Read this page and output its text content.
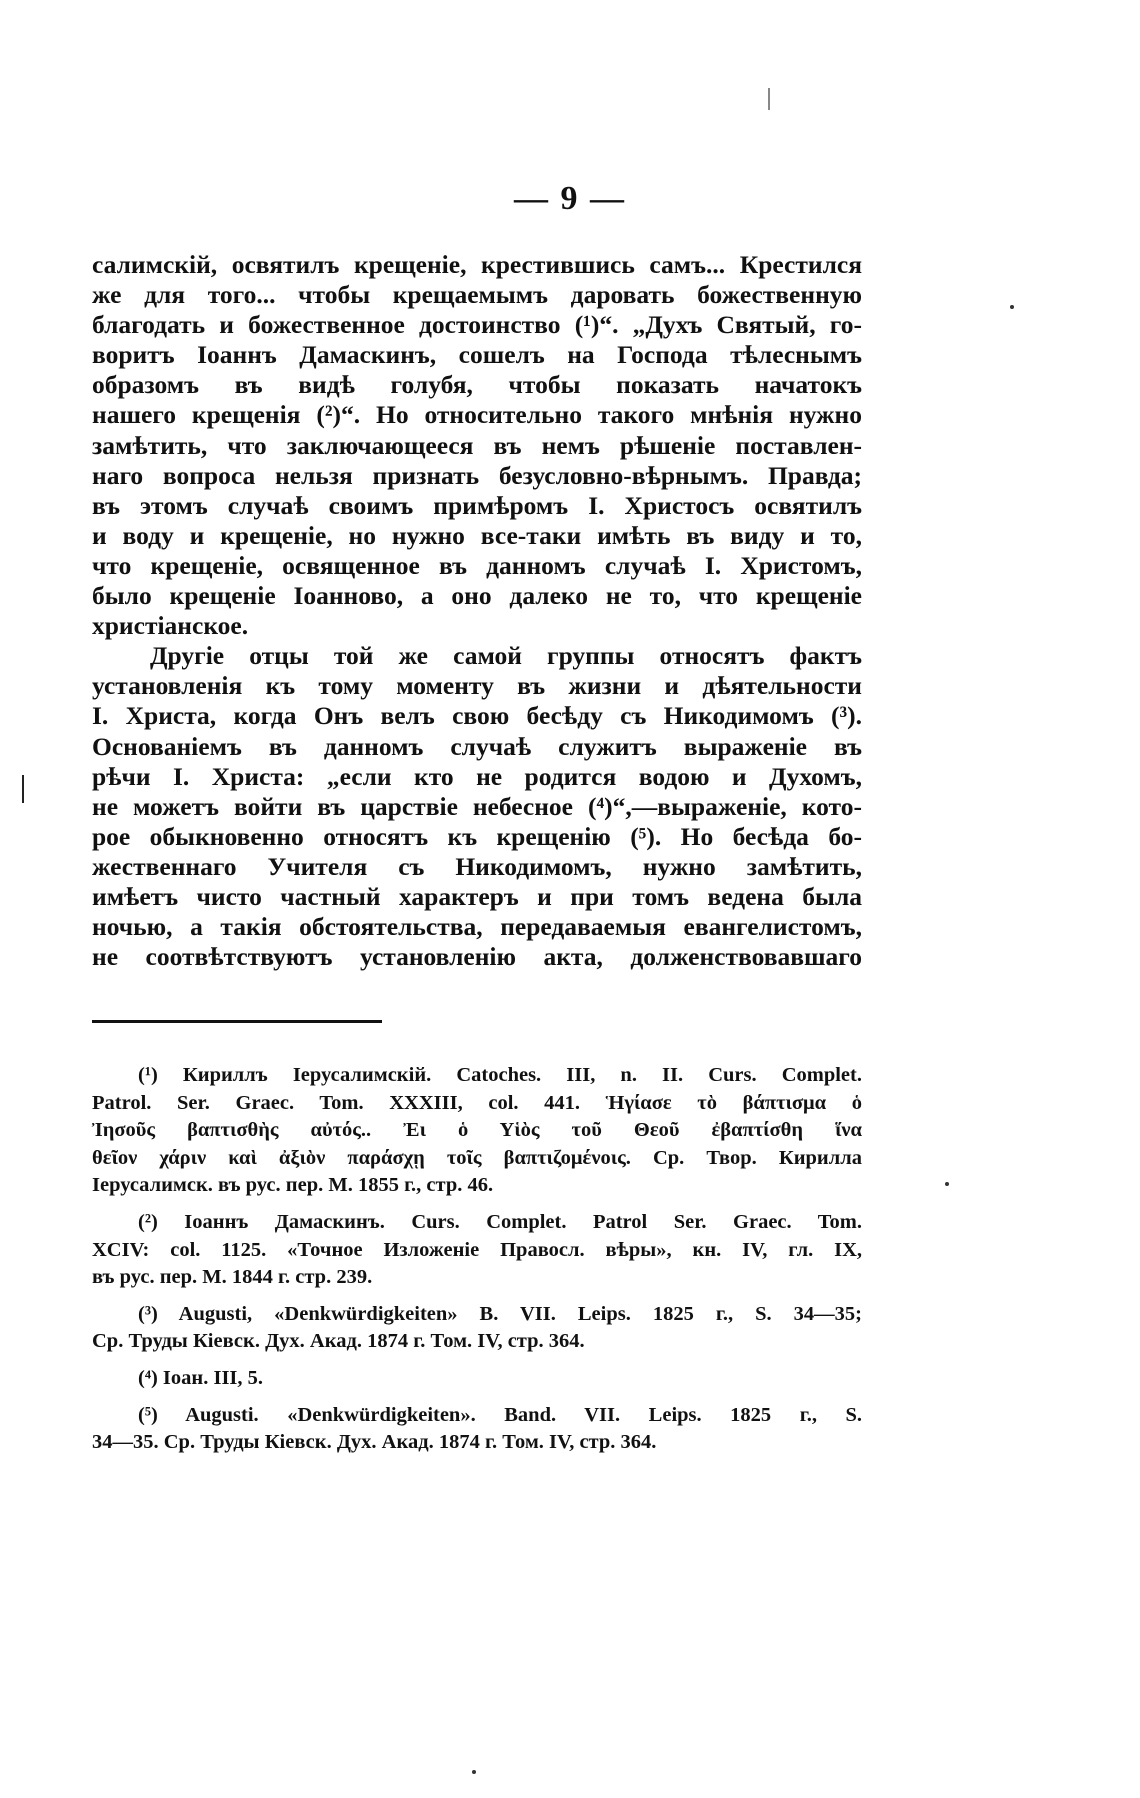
— 9 —
салимскій, освятилъ крещеніе, крестившись самъ... Крестился
же для того... чтобы крещаемымъ даровать божественную
благодать и божественное достоинство (¹)“. „Духъ Святый, го-
воритъ Іоаннъ Дамаскинъ, сошелъ на Господа тѣлеснымъ
образомъ въ видѣ голубя, чтобы показать начатокъ
нашего крещенія (²)“. Но относительно такого мнѣнія нужно
замѣтить, что заключающееся въ немъ рѣшеніе поставлен-
наго вопроса нельзя признать безусловно-вѣрнымъ. Правда;
въ этомъ случаѣ своимъ примѣромъ І. Христосъ освятилъ
и воду и крещеніе, но нужно все-таки имѣть въ виду и то,
что крещеніе, освященное въ данномъ случаѣ І. Христомъ,
было крещеніе Іоанново, а оно далеко не то, что крещеніе
христіанское.
Другіе отцы той же самой группы относятъ фактъ
установленія къ тому моменту въ жизни и дѣятельности
І. Христа, когда Онъ велъ свою бесѣду съ Никодимомъ (³).
Основаніемъ въ данномъ случаѣ служитъ выраженіе въ
рѣчи І. Христа: „если кто не родится водою и Духомъ,
не можетъ войти въ царствіе небесное (⁴)“,—выраженіе, кото-
рое обыкновенно относятъ къ крещенію (⁵). Но бесѣда бо-
жественнаго Учителя съ Никодимомъ, нужно замѣтить,
имѣетъ чисто частный характеръ и при томъ ведена была
ночью, а такія обстоятельства, передаваемыя евангелистомъ,
не соотвѣтствуютъ установленію акта, долженствовавшаго
(¹) Кириллъ Іерусалимскій. Catoches. III, n. II. Curs. Complet.
Patrol. Ser. Graec. Tom. XXXIII, col. 441. Ἡγίασε τὸ βάπτισμα ὁ
Ἰησοῦς βαπτισθὴς αὐτός.. Ἐι ὁ Υἱὸς τοῦ Θεοῦ ἐβαπτίσθη ἵνα
θεῖον χάριν καὶ ἀξιὸν παράσχῃ τοῖς βαπτιζομένοις. Ср. Твор. Кирилла
Іерусалимск. въ рус. пер. М. 1855 г., стр. 46.
(²) Іоаннъ Дамаскинъ. Curs. Complet. Patrol Ser. Graec. Tom.
XCIV: col. 1125. «Точное Изложеніе Правосл. вѣры», кн. IV, гл. IX,
въ рус. пер. М. 1844 г. стр. 239.
(³) Augusti, «Denkwürdigkeiten» B. VII. Leips. 1825 г., S. 34—35;
Ср. Труды Кіевск. Дух. Акад. 1874 г. Том. IV, стр. 364.
(⁴) Іоан. III, 5.
(⁵) Augusti. «Denkwürdigkeiten». Band. VII. Leips. 1825 г., S.
34—35. Ср. Труды Кіевск. Дух. Акад. 1874 г. Том. IV, стр. 364.
